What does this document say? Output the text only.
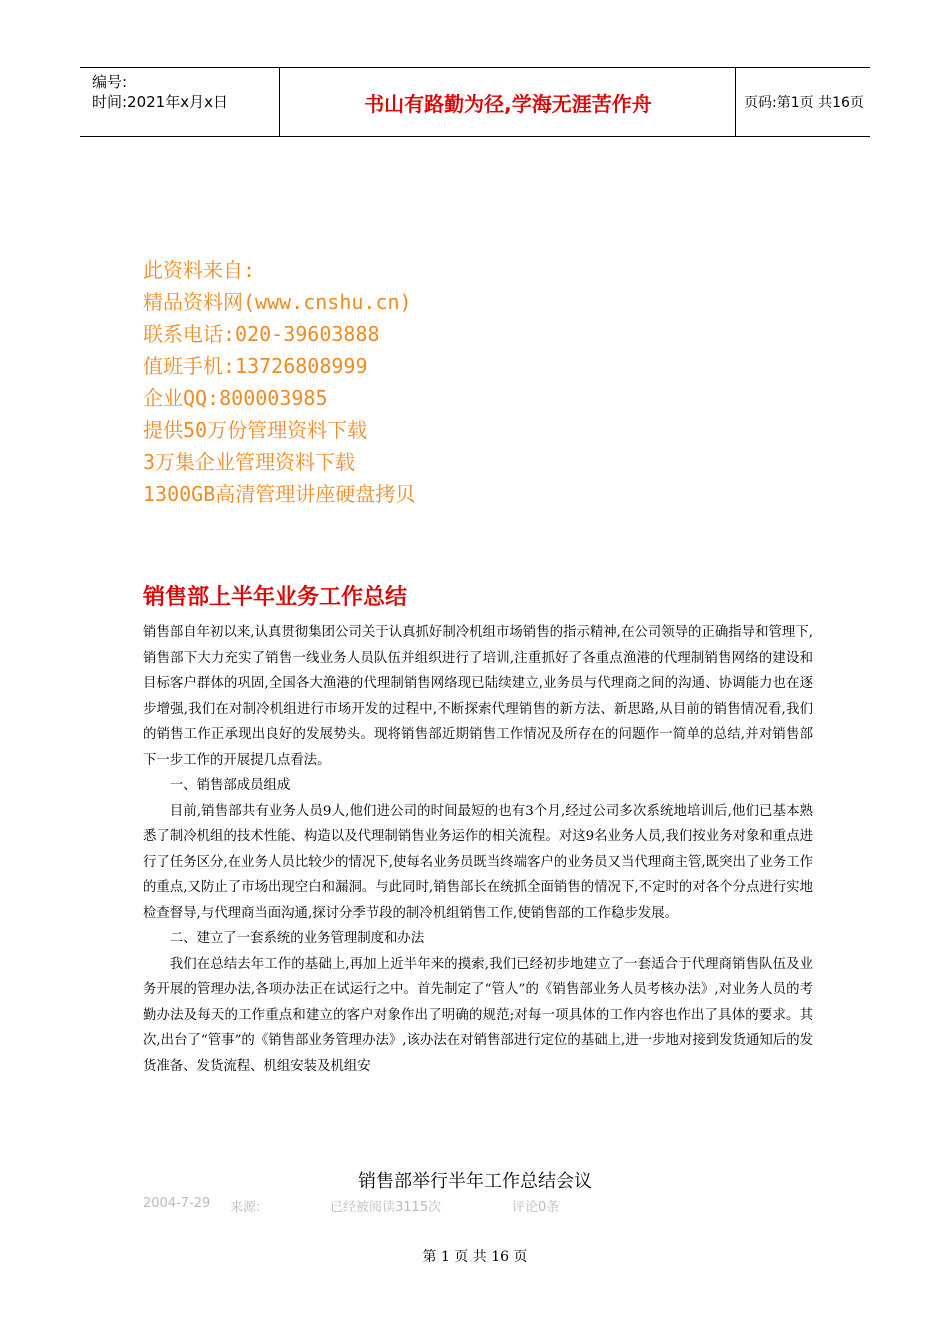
编号:
时间:2021年x月x日	书山有路勤为径,学海无涯苦作舟	页码:第1页 共16页
此资料来自:
精品资料网(www.cnshu.cn)
联系电话:020-39603888
值班手机:13726808999
企业QQ:800003985
提供50万份管理资料下载
3万集企业管理资料下载
1300GB高清管理讲座硬盘拷贝
销售部上半年业务工作总结

销售部自年初以来,认真贯彻集团公司关于认真抓好制冷机组市场销售的指示精神,在公司领导的正确指导和管理下,销售部下大力充实了销售一线业务人员队伍并组织进行了培训,注重抓好了各重点渔港的代理制销售网络的建设和目标客户群体的巩固,全国各大渔港的代理制销售网络现已陆续建立,业务员与代理商之间的沟通、协调能力也在逐步增强,我们在对制冷机组进行市场开发的过程中,不断探索代理销售的新方法、新思路,从目前的销售情况看,我们的销售工作正承现出良好的发展势头。现将销售部近期销售工作情况及所存在的问题作一简单的总结,并对销售部下一步工作的开展提几点看法。

一、销售部成员组成

目前,销售部共有业务人员9人,他们进公司的时间最短的也有3个月,经过公司多次系统地培训后,他们已基本熟悉了制冷机组的技术性能、构造以及代理制销售业务运作的相关流程。对这9名业务人员,我们按业务对象和重点进行了任务区分,在业务人员比较少的情况下,使每名业务员既当终端客户的业务员又当代理商主管,既突出了业务工作的重点,又防止了市场出现空白和漏洞。与此同时,销售部长在统抓全面销售的情况下,不定时的对各个分点进行实地检查督导,与代理商当面沟通,探讨分季节段的制冷机组销售工作,使销售部的工作稳步发展。

二、建立了一套系统的业务管理制度和办法

我们在总结去年工作的基础上,再加上近半年来的摸索,我们已经初步地建立了一套适合于代理商销售队伍及业务开展的管理办法,各项办法正在试运行之中。首先制定了“管人”的《销售部业务人员考核办法》,对业务人员的考勤办法及每天的工作重点和建立的客户对象作出了明确的规范;对每一项具体的工作内容也作出了具体的要求。其次,出台了“管事”的《销售部业务管理办法》,该办法在对销售部进行定位的基础上,进一步地对接到发货通知后的发货准备、发货流程、机组安装及机组安

销售部举行半年工作总结会议
2004-7-29 来源:	已经被阅读3115次	评论0条
第 1 页 共 16 页
